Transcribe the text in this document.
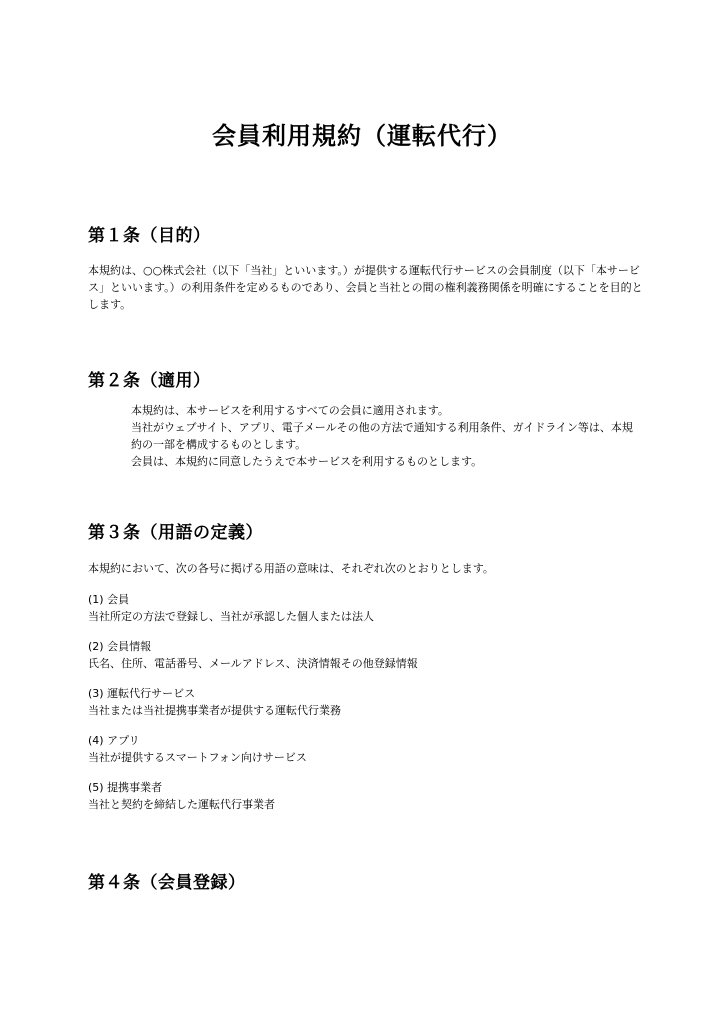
会員利用規約（運転代行）
第１条（目的）

本規約は、○○株式会社（以下「当社」といいます。）が提供する運転代行サービスの会員制度（以下「本サービス」といいます。）の利用条件を定めるものであり、会員と当社との間の権利義務関係を明確にすることを目的とします。

第２条（適用）

本規約は、本サービスを利用するすべての会員に適用されます。

当社がウェブサイト、アプリ、電子メールその他の方法で通知する利用条件、ガイドライン等は、本規約の一部を構成するものとします。

会員は、本規約に同意したうえで本サービスを利用するものとします。

第３条（用語の定義）

本規約において、次の各号に掲げる用語の意味は、それぞれ次のとおりとします。

(1) 会員

当社所定の方法で登録し、当社が承認した個人または法人

(2) 会員情報

氏名、住所、電話番号、メールアドレス、決済情報その他登録情報

(3) 運転代行サービス

当社または当社提携事業者が提供する運転代行業務

(4) アプリ

当社が提供するスマートフォン向けサービス

(5) 提携事業者

当社と契約を締結した運転代行事業者

第４条（会員登録）
